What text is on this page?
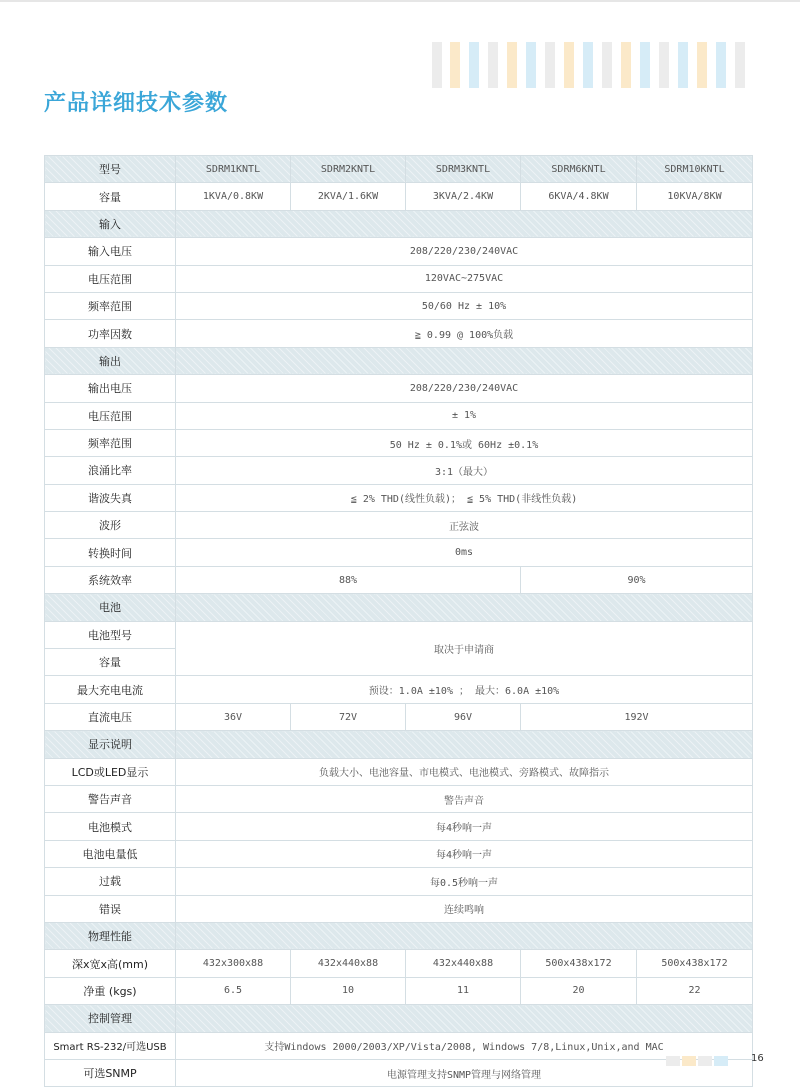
产品详细技术参数
型号	SDRM1KNTL	SDRM2KNTL	SDRM3KNTL	SDRM6KNTL	SDRM10KNTL
容量	1KVA/0.8KW	2KVA/1.6KW	3KVA/2.4KW	6KVA/4.8KW	10KVA/8KW
输入					
输入电压	208/220/230/240VAC				
电压范围	120VAC~275VAC				
频率范围	50/60 Hz ± 10%				
功率因数	≧ 0.99 @ 100%负载				
输出					
输出电压	208/220/230/240VAC				
电压范围	± 1%				
频率范围	50 Hz ± 0.1%或 60Hz ±0.1%				
浪涌比率	3:1（最大）				
谐波失真	≦ 2% THD(线性负载)； ≦ 5% THD(非线性负载)				
波形	正弦波				
转换时间	0ms				
系统效率	88%			90%	
电池					
电池型号	取决于申请商				
容量					
最大充电电流	预设：1.0A ±10% ； 最大：6.0A ±10%				
直流电压	36V	72V	96V	192V	
显示说明					
LCD或LED显示	负载大小、电池容量、市电模式、电池模式、旁路模式、故障指示				
警告声音	警告声音				
电池模式	每4秒响一声				
电池电量低	每4秒响一声				
过载	每0.5秒响一声				
错误	连续鸣响				
物理性能					
深x宽x高(mm)	432x300x88	432x440x88	432x440x88	500x438x172	500x438x172
净重 (kgs)	6.5	10	11	20	22
控制管理					
Smart RS-232/可选USB	支持Windows 2000/2003/XP/Vista/2008, Windows 7/8,Linux,Unix,and MAC				
可选SNMP	电源管理支持SNMP管理与网络管理				
16
